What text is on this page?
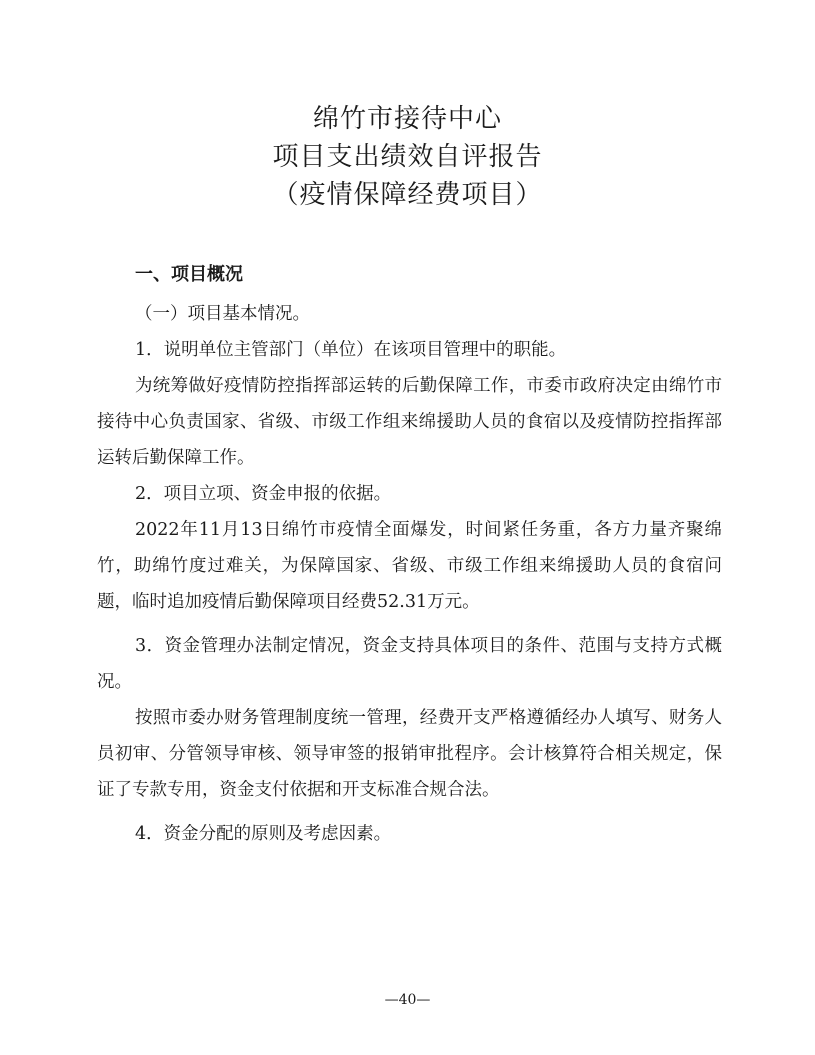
绵竹市接待中心
项目支出绩效自评报告
（疫情保障经费项目）
一、项目概况

（一）项目基本情况。

1．说明单位主管部门（单位）在该项目管理中的职能。

为统筹做好疫情防控指挥部运转的后勤保障工作，市委市政府决定由绵竹市接待中心负责国家、省级、市级工作组来绵援助人员的食宿以及疫情防控指挥部运转后勤保障工作。

2．项目立项、资金申报的依据。

2022年11月13日绵竹市疫情全面爆发，时间紧任务重，各方力量齐聚绵竹，助绵竹度过难关，为保障国家、省级、市级工作组来绵援助人员的食宿问题，临时追加疫情后勤保障项目经费52.31万元。

3．资金管理办法制定情况，资金支持具体项目的条件、范围与支持方式概况。

按照市委办财务管理制度统一管理，经费开支严格遵循经办人填写、财务人员初审、分管领导审核、领导审签的报销审批程序。会计核算符合相关规定，保证了专款专用，资金支付依据和开支标准合规合法。

4．资金分配的原则及考虑因素。

—40—
